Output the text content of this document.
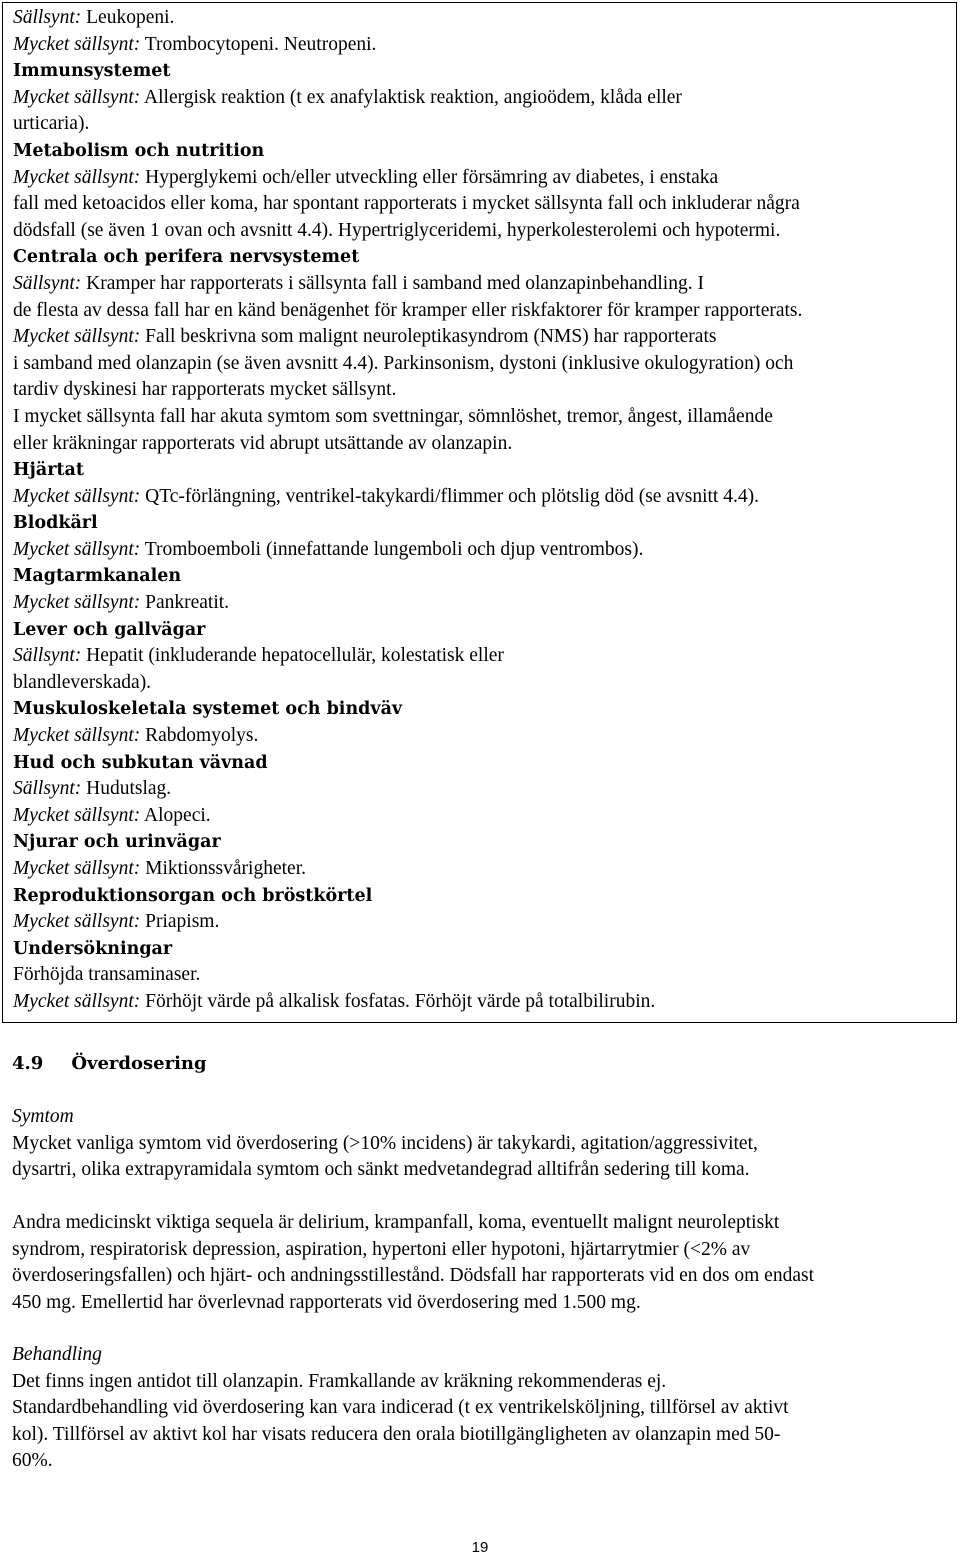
Sällsynt: Leukopeni.
Mycket sällsynt: Trombocytopeni. Neutropeni.
Immunsystemet
Mycket sällsynt: Allergisk reaktion (t ex anafylaktisk reaktion, angioödem, klåda eller
urticaria).
Metabolism och nutrition
Mycket sällsynt: Hyperglykemi och/eller utveckling eller försämring av diabetes, i enstaka
fall med ketoacidos eller koma, har spontant rapporterats i mycket sällsynta fall och inkluderar några
dödsfall (se även 1 ovan och avsnitt 4.4). Hypertriglyceridemi, hyperkolesterolemi och hypotermi.
Centrala och perifera nervsystemet
Sällsynt: Kramper har rapporterats i sällsynta fall i samband med olanzapinbehandling. I
de flesta av dessa fall har en känd benägenhet för kramper eller riskfaktorer för kramper rapporterats.
Mycket sällsynt: Fall beskrivna som malignt neuroleptikasyndrom (NMS) har rapporterats
i samband med olanzapin (se även avsnitt 4.4). Parkinsonism, dystoni (inklusive okulogyration) och
tardiv dyskinesi har rapporterats mycket sällsynt.
I mycket sällsynta fall har akuta symtom som svettningar, sömnlöshet, tremor, ångest, illamående
eller kräkningar rapporterats vid abrupt utsättande av olanzapin.
Hjärtat
Mycket sällsynt: QTc-förlängning, ventrikel-takykardi/flimmer och plötslig död (se avsnitt 4.4).
Blodkärl
Mycket sällsynt: Tromboemboli (innefattande lungemboli och djup ventrombos).
Magtarmkanalen
Mycket sällsynt: Pankreatit.
Lever och gallvägar
Sällsynt: Hepatit (inkluderande hepatocellulär, kolestatisk eller
blandleverskada).
Muskuloskeletala systemet och bindväv
Mycket sällsynt: Rabdomyolys.
Hud och subkutan vävnad
Sällsynt: Hudutslag.
Mycket sällsynt: Alopeci.
Njurar och urinvägar
Mycket sällsynt: Miktionssvårigheter.
Reproduktionsorgan och bröstkörtel
Mycket sällsynt: Priapism.
Undersökningar
Förhöjda transaminaser.
Mycket sällsynt: Förhöjt värde på alkalisk fosfatas. Förhöjt värde på totalbilirubin.
4.9 Överdosering
Symtom
Mycket vanliga symtom vid överdosering (>10% incidens) är takykardi, agitation/aggressivitet,
dysartri, olika extrapyramidala symtom och sänkt medvetandegrad alltifrån sedering till koma.
Andra medicinskt viktiga sequela är delirium, krampanfall, koma, eventuellt malignt neuroleptiskt
syndrom, respiratorisk depression, aspiration, hypertoni eller hypotoni, hjärtarrytmier (<2% av
överdoseringsfallen) och hjärt- och andningsstillestånd. Dödsfall har rapporterats vid en dos om endast
450 mg. Emellertid har överlevnad rapporterats vid överdosering med 1.500 mg.
Behandling
Det finns ingen antidot till olanzapin. Framkallande av kräkning rekommenderas ej.
Standardbehandling vid överdosering kan vara indicerad (t ex ventrikelsköljning, tillförsel av aktivt
kol). Tillförsel av aktivt kol har visats reducera den orala biotillgängligheten av olanzapin med 50-
60%.
19
